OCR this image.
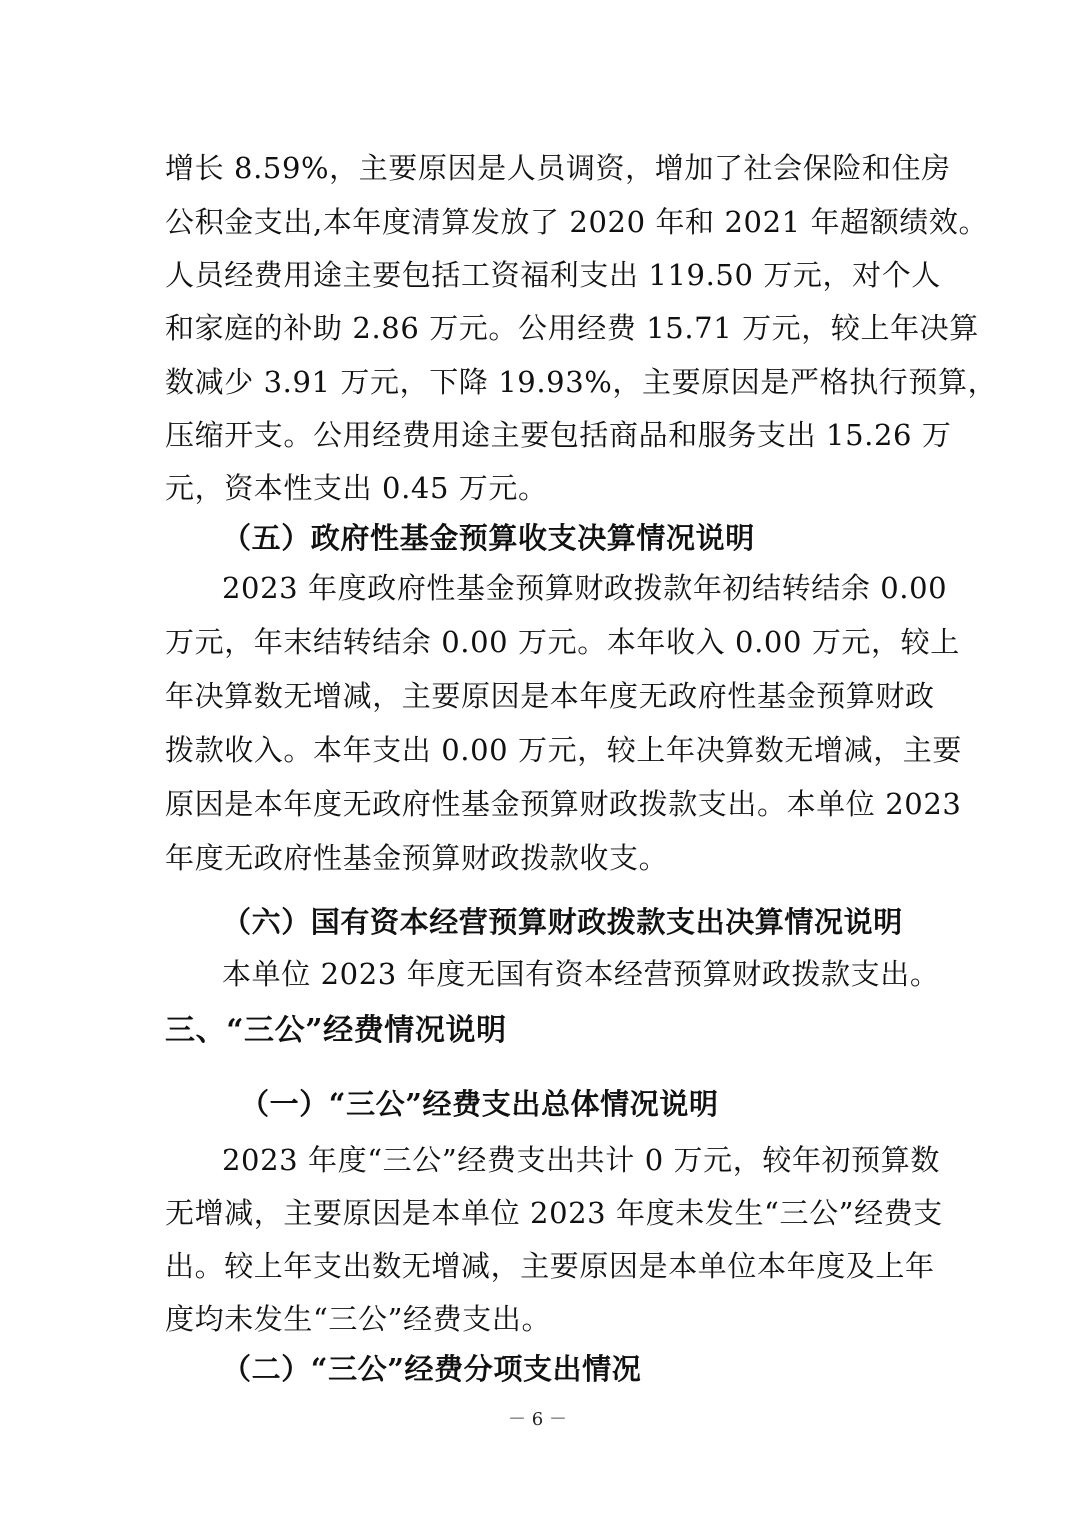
增长 8.59%，主要原因是人员调资，增加了社会保险和住房
公积金支出,本年度清算发放了 2020 年和 2021 年超额绩效。
人员经费用途主要包括工资福利支出 119.50 万元，对个人
和家庭的补助 2.86 万元。公用经费 15.71 万元，较上年决算
数减少 3.91 万元，下降 19.93%，主要原因是严格执行预算，
压缩开支。公用经费用途主要包括商品和服务支出 15.26 万
元，资本性支出 0.45 万元。
（五）政府性基金预算收支决算情况说明
2023 年度政府性基金预算财政拨款年初结转结余 0.00
万元，年末结转结余 0.00 万元。本年收入 0.00 万元，较上
年决算数无增减，主要原因是本年度无政府性基金预算财政
拨款收入。本年支出 0.00 万元，较上年决算数无增减，主要
原因是本年度无政府性基金预算财政拨款支出。本单位 2023
年度无政府性基金预算财政拨款收支。
（六）国有资本经营预算财政拨款支出决算情况说明
本单位 2023 年度无国有资本经营预算财政拨款支出。
三、“三公”经费情况说明
（一）“三公”经费支出总体情况说明
2023 年度“三公”经费支出共计 0 万元，较年初预算数
无增减，主要原因是本单位 2023 年度未发生“三公”经费支
出。较上年支出数无增减，主要原因是本单位本年度及上年
度均未发生“三公”经费支出。
（二）“三公”经费分项支出情况
－ 6 －
